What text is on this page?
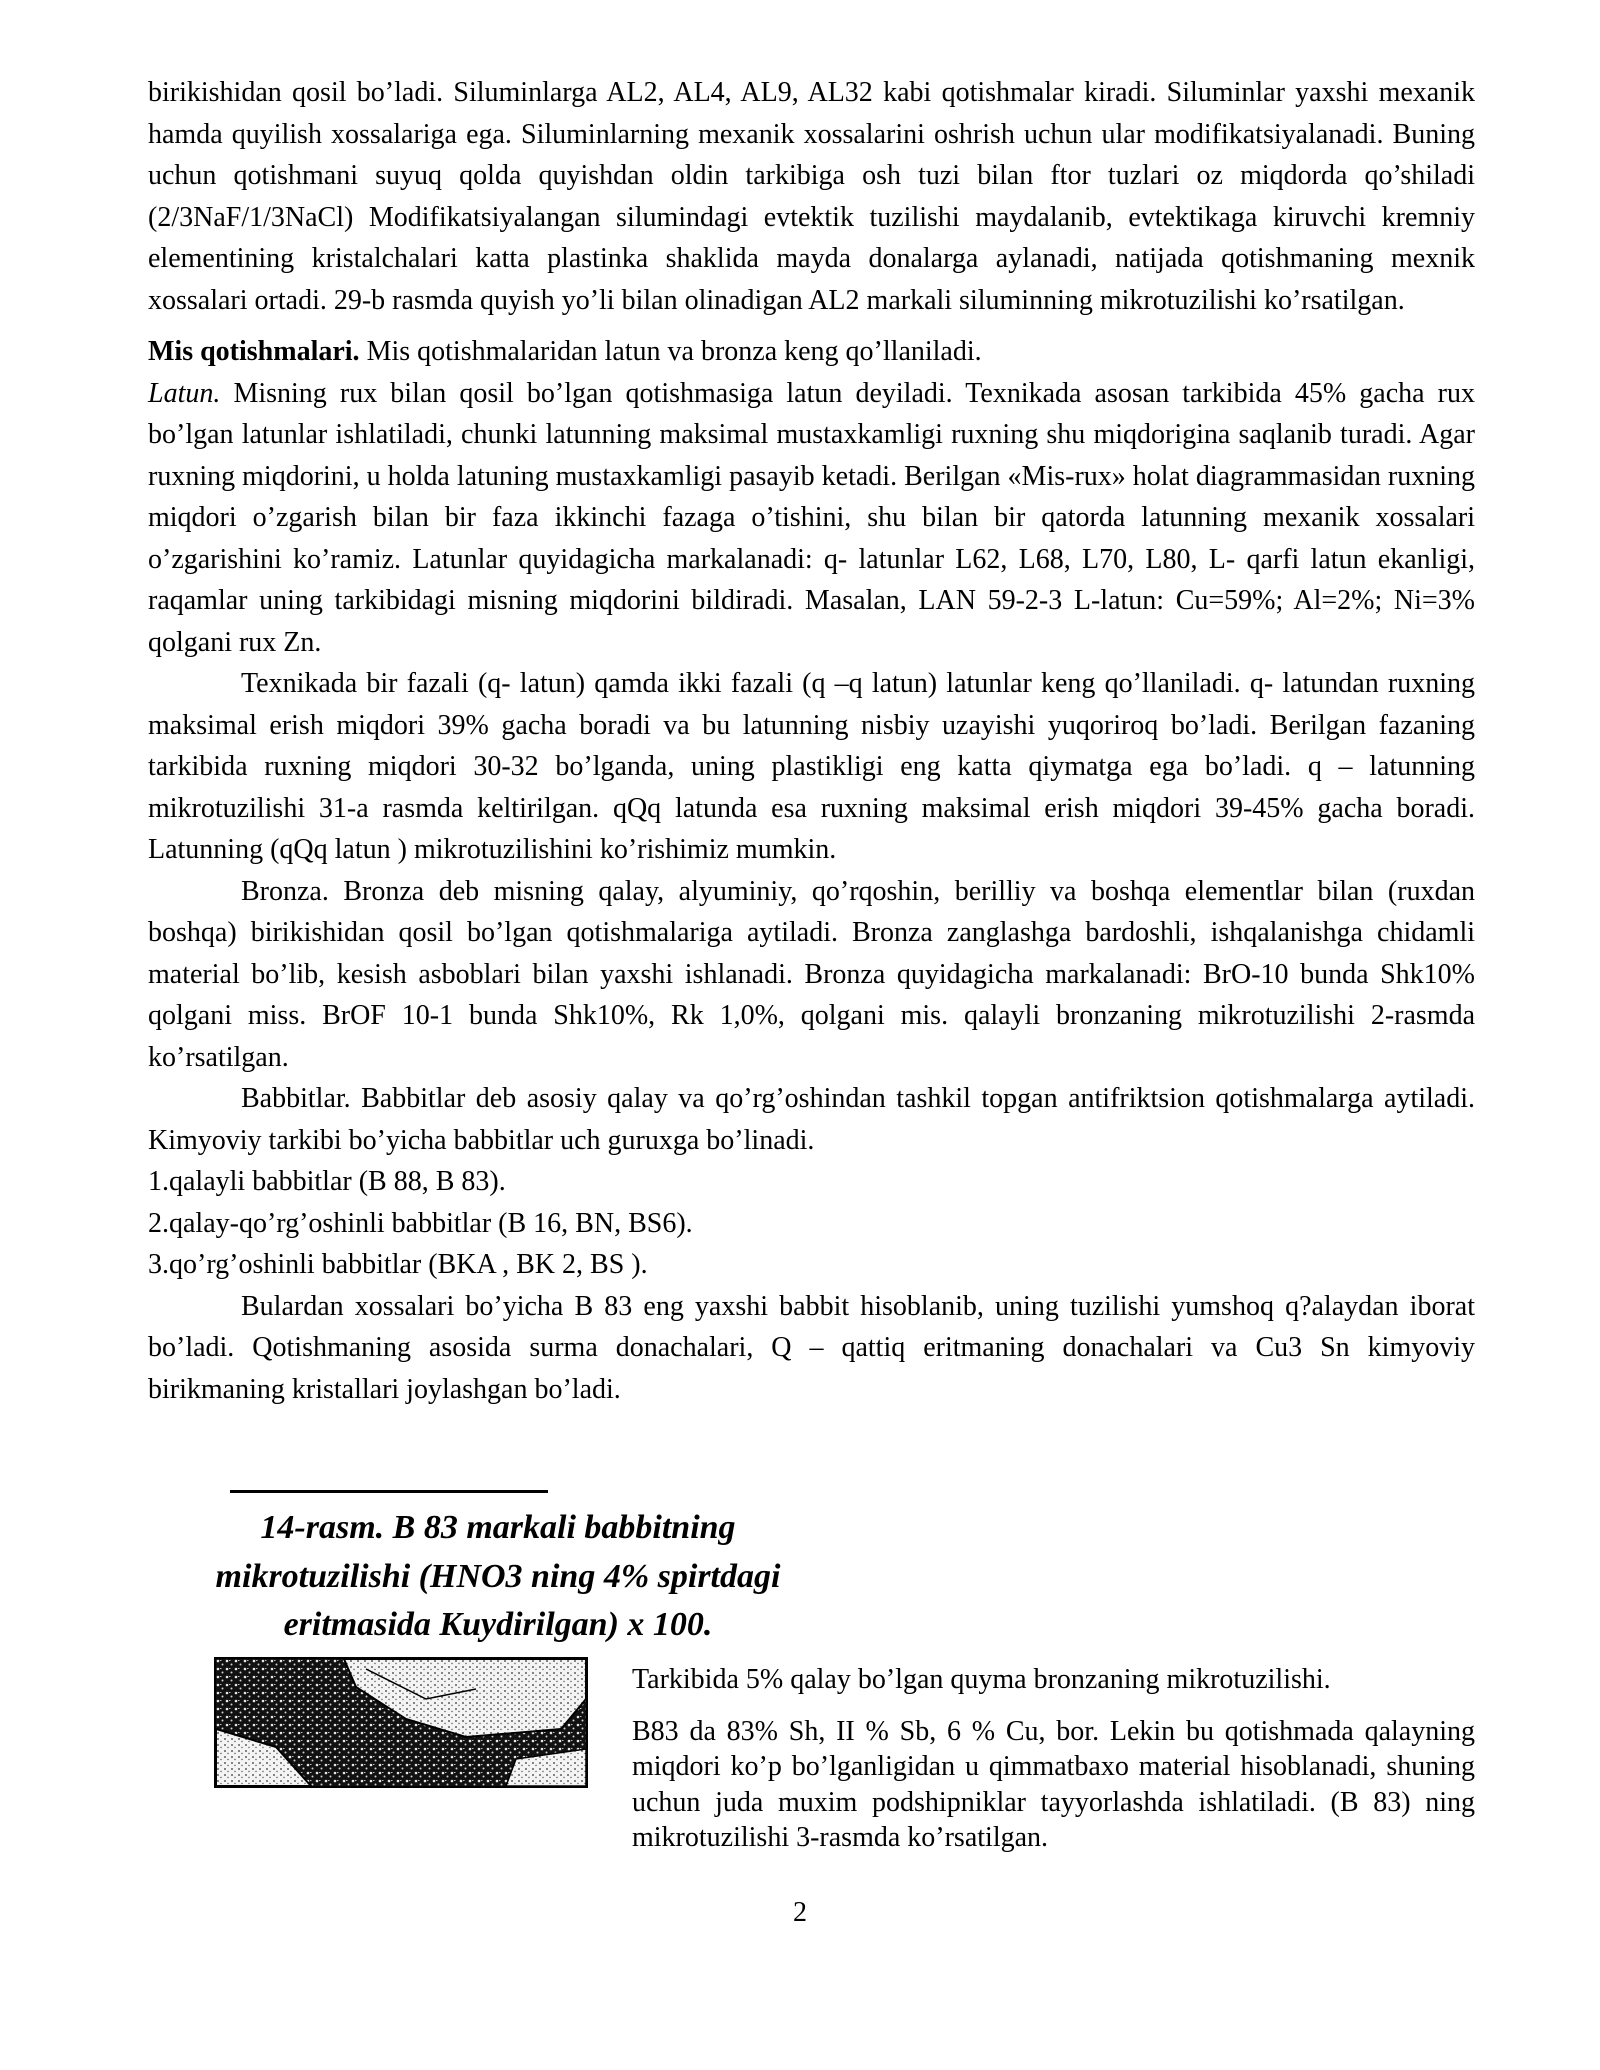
birikishidan qosil bo’ladi. Siluminlarga AL2, AL4, AL9, AL32 kabi qotishmalar kiradi. Siluminlar yaxshi mexanik hamda quyilish xossalariga ega. Siluminlarning mexanik xossalarini oshrish uchun ular modifikatsiyalanadi. Buning uchun qotishmani suyuq qolda quyishdan oldin tarkibiga osh tuzi bilan ftor tuzlari oz miqdorda qo’shiladi (2/3NaF/1/3NaCl) Modifikatsiyalangan silumindagi evtektik tuzilishi maydalanib, evtektikaga kiruvchi kremniy elementining kristalchalari katta plastinka shaklida mayda donalarga aylanadi, natijada qotishmaning mexnik xossalari ortadi. 29-b rasmda quyish yo’li bilan olinadigan AL2 markali siluminning mikrotuzilishi ko’rsatilgan.

Mis qotishmalari. Mis qotishmalaridan latun va bronza keng qo’llaniladi.

Latun. Misning rux bilan qosil bo’lgan qotishmasiga latun deyiladi. Texnikada asosan tarkibida 45% gacha rux bo’lgan latunlar ishlatiladi, chunki latunning maksimal mustaxkamligi ruxning shu miqdorigina saqlanib turadi. Agar ruxning miqdorini, u holda latuning mustaxkamligi pasayib ketadi. Berilgan «Mis-rux» holat diagrammasidan ruxning miqdori o’zgarish bilan bir faza ikkinchi fazaga o’tishini, shu bilan bir qatorda latunning mexanik xossalari o’zgarishini ko’ramiz. Latunlar quyidagicha markalanadi: q- latunlar L62, L68, L70, L80, L- qarfi latun ekanligi, raqamlar uning tarkibidagi misning miqdorini bildiradi. Masalan, LAN 59-2-3 L-latun: Cu=59%; Al=2%; Ni=3% qolgani rux Zn.

Texnikada bir fazali (q- latun) qamda ikki fazali (q –q latun) latunlar keng qo’llaniladi. q- latundan ruxning maksimal erish miqdori 39% gacha boradi va bu latunning nisbiy uzayishi yuqoriroq bo’ladi. Berilgan fazaning tarkibida ruxning miqdori 30-32 bo’lganda, uning plastikligi eng katta qiymatga ega bo’ladi. q – latunning mikrotuzilishi 31-a rasmda keltirilgan. qQq latunda esa ruxning maksimal erish miqdori 39-45% gacha boradi. Latunning (qQq latun ) mikrotuzilishini ko’rishimiz mumkin.

Bronza. Bronza deb misning qalay, alyuminiy, qo’rqoshin, berilliy va boshqa elementlar bilan (ruxdan boshqa) birikishidan qosil bo’lgan qotishmalariga aytiladi. Bronza zanglashga bardoshli, ishqalanishga chidamli material bo’lib, kesish asboblari bilan yaxshi ishlanadi. Bronza quyidagicha markalanadi: BrO-10 bunda Shk10% qolgani miss. BrOF 10-1 bunda Shk10%, Rk 1,0%, qolgani mis. qalayli bronzaning mikrotuzilishi 2-rasmda ko’rsatilgan.

Babbitlar. Babbitlar deb asosiy qalay va qo’rg’oshindan tashkil topgan antifriktsion qotishmalarga aytiladi. Kimyoviy tarkibi bo’yicha babbitlar uch guruxga bo’linadi.

1.qalayli babbitlar (B 88, B 83).

2.qalay-qo’rg’oshinli babbitlar (B 16, BN, BS6).

3.qo’rg’oshinli babbitlar (BKA , BK 2, BS ).

Bulardan xossalari bo’yicha B 83 eng yaxshi babbit hisoblanib, uning tuzilishi yumshoq q?alaydan iborat bo’ladi. Qotishmaning asosida surma donachalari, Q – qattiq eritmaning donachalari va Cu3 Sn kimyoviy birikmaning kristallari joylashgan bo’ladi.

14-rasm. B 83 markali babbitning
mikrotuzilishi (HNO3 ning 4% spirtdagi
eritmasida Kuydirilgan) x 100.

Tarkibida 5% qalay bo’lgan quyma bronzaning mikrotuzilishi.

B83 da 83% Sh, II % Sb, 6 % Cu, bor. Lekin bu qotishmada qalayning miqdori ko’p bo’lganligidan u qimmatbaxo material hisoblanadi, shuning uchun juda muxim podshipniklar tayyorlashda ishlatiladi. (B 83) ning mikrotuzilishi 3-rasmda ko’rsatilgan.

2
